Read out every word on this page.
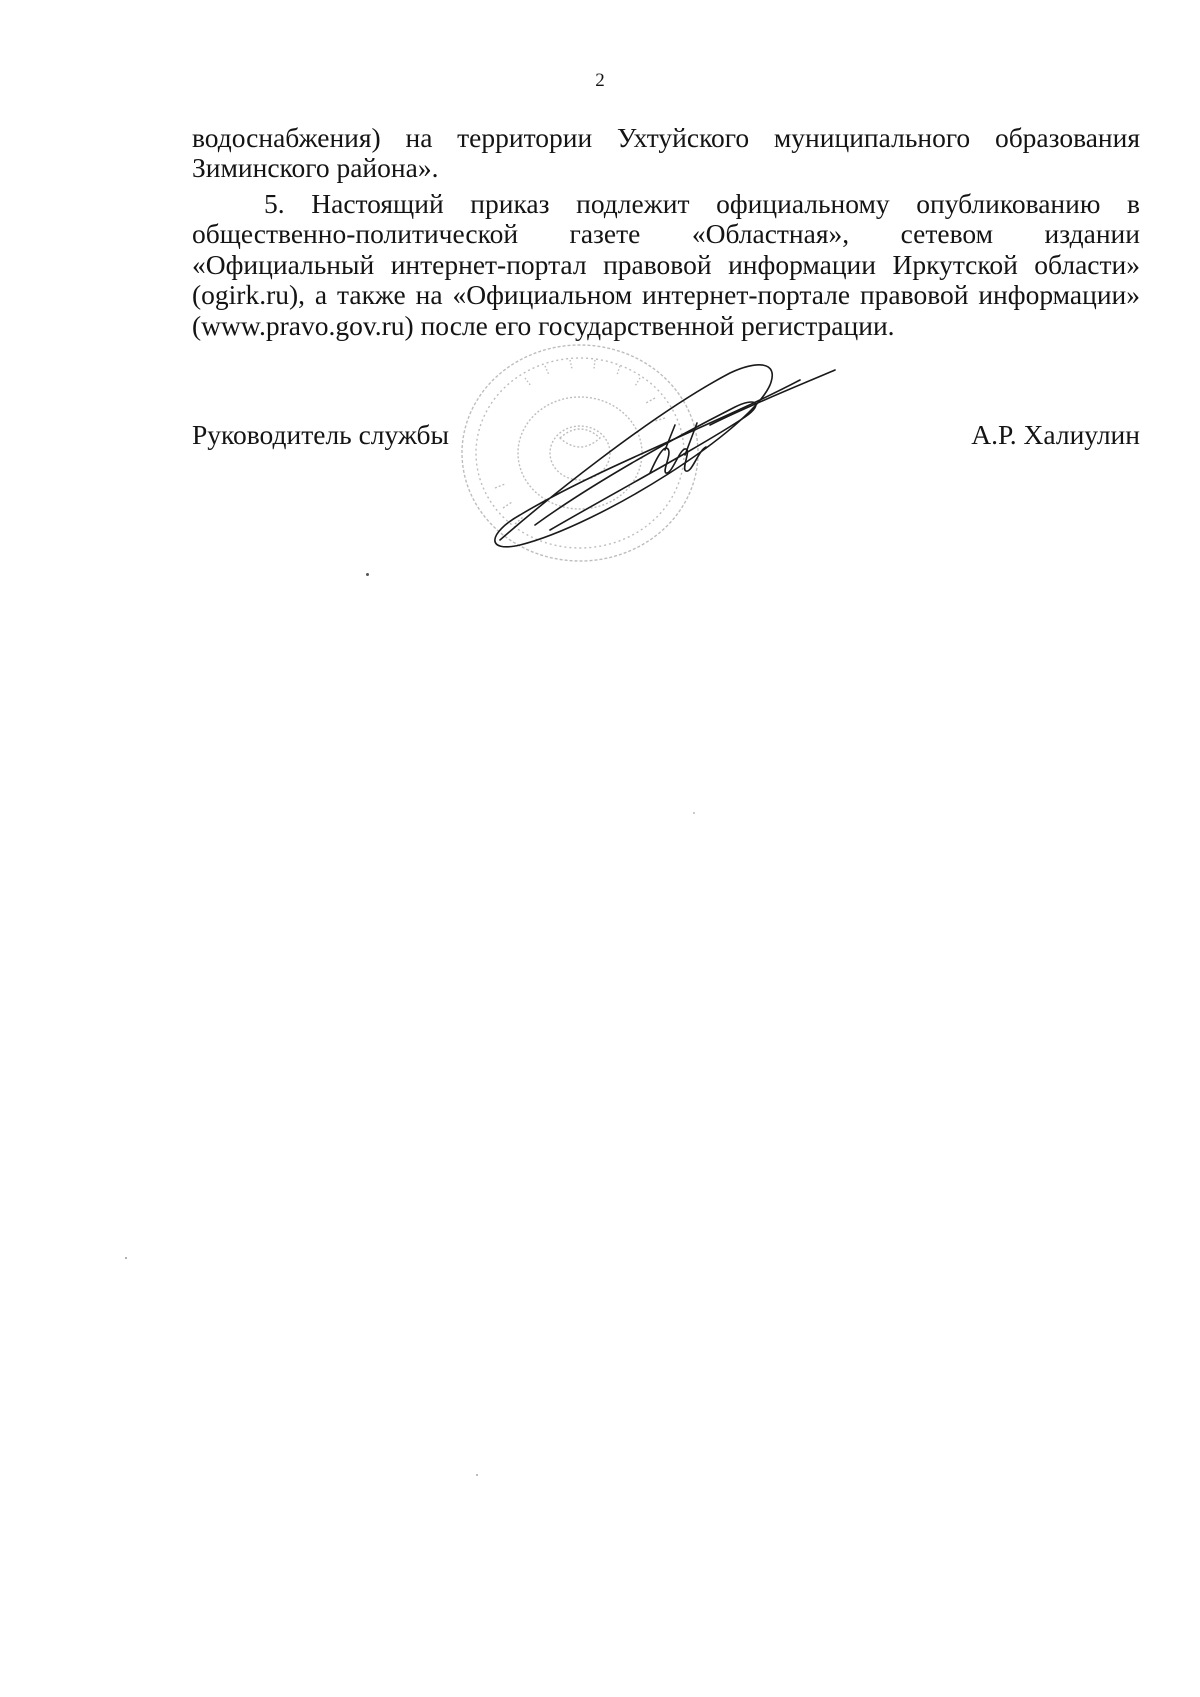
2

водоснабжения) на территории Ухтуйского муниципального образования Зиминского района».

5. Настоящий приказ подлежит официальному опубликованию в общественно-политической газете «Областная», сетевом издании «Официальный интернет-портал правовой информации Иркутской области» (ogirk.ru), а также на «Официальном интернет-портале правовой информации» (www.pravo.gov.ru) после его государственной регистрации.

Руководитель службы	А.Р. Халиулин
